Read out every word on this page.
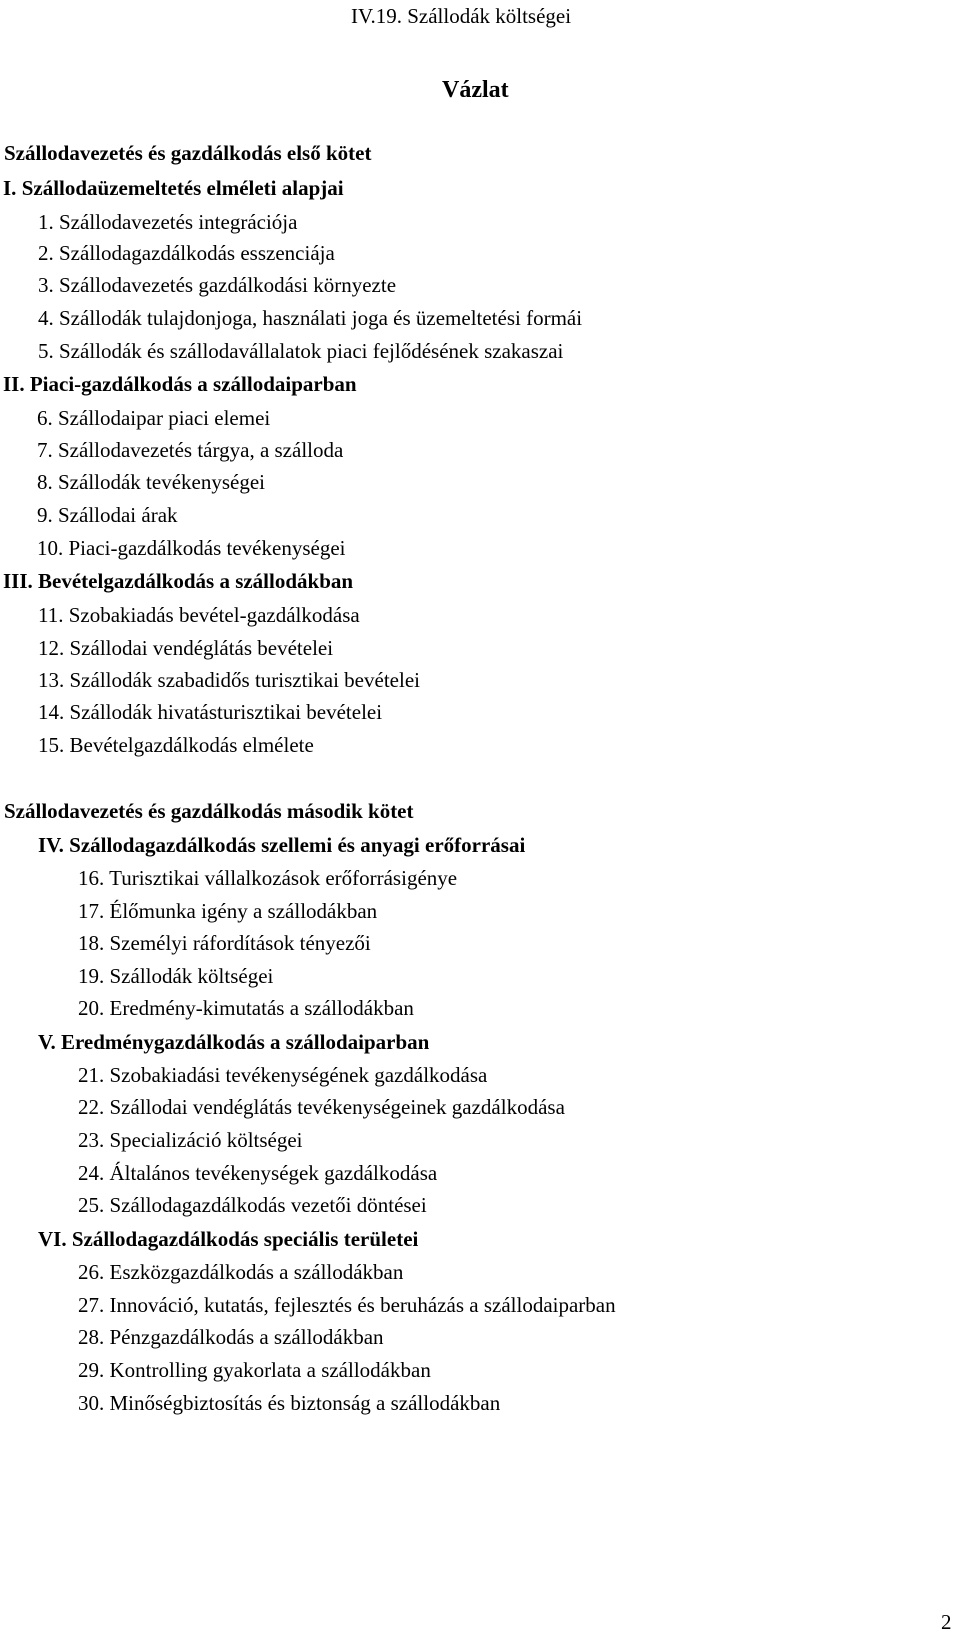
IV.19. Szállodák költségei
Vázlat
Szállodavezetés és gazdálkodás első kötet
I. Szállodaüzemeltetés elméleti alapjai
1. Szállodavezetés integrációja
2. Szállodagazdálkodás esszenciája
3. Szállodavezetés gazdálkodási környezte
4. Szállodák tulajdonjoga, használati joga és üzemeltetési formái
5. Szállodák és szállodavállalatok piaci fejlődésének szakaszai
II. Piaci-gazdálkodás a szállodaiparban
6. Szállodaipar piaci elemei
7. Szállodavezetés tárgya, a szálloda
8. Szállodák tevékenységei
9. Szállodai árak
10. Piaci-gazdálkodás tevékenységei
III. Bevételgazdálkodás a szállodákban
11. Szobakiadás bevétel-gazdálkodása
12. Szállodai vendéglátás bevételei
13. Szállodák szabadidős turisztikai bevételei
14. Szállodák hivatásturisztikai bevételei
15. Bevételgazdálkodás elmélete
Szállodavezetés és gazdálkodás második kötet
IV. Szállodagazdálkodás szellemi és anyagi erőforrásai
16. Turisztikai vállalkozások erőforrásigénye
17. Élőmunka igény a szállodákban
18. Személyi ráfordítások tényezői
19. Szállodák költségei
20. Eredmény-kimutatás a szállodákban
V. Eredménygazdálkodás a szállodaiparban
21. Szobakiadási tevékenységének gazdálkodása
22. Szállodai vendéglátás tevékenységeinek gazdálkodása
23. Specializáció költségei
24. Általános tevékenységek gazdálkodása
25. Szállodagazdálkodás vezetői döntései
VI. Szállodagazdálkodás speciális területei
26. Eszközgazdálkodás a szállodákban
27. Innováció, kutatás, fejlesztés és beruházás a szállodaiparban
28. Pénzgazdálkodás a szállodákban
29. Kontrolling gyakorlata a szállodákban
30. Minőségbiztosítás és biztonság a szállodákban
2
